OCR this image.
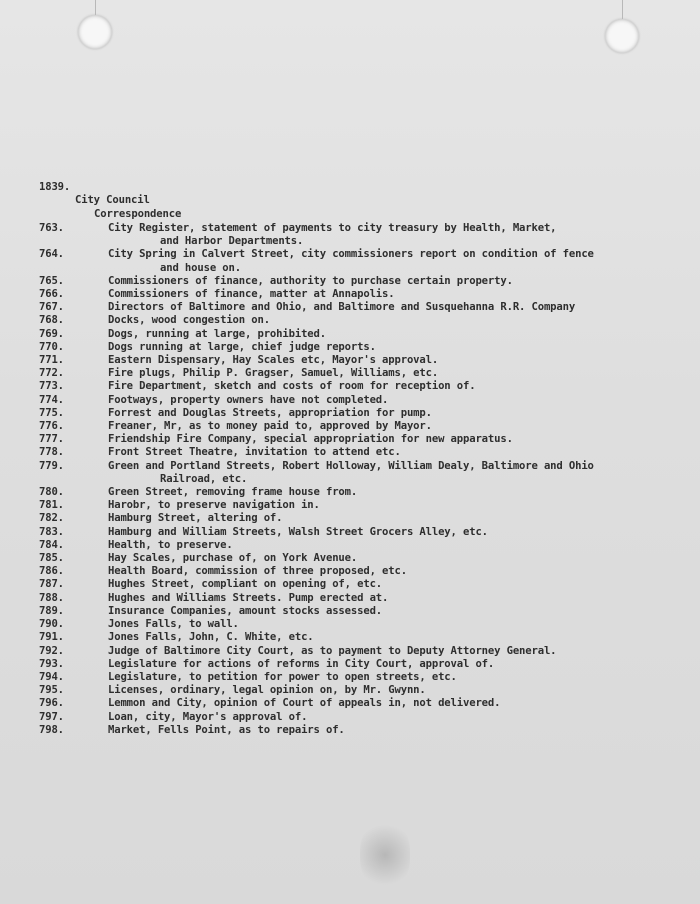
1839.
City Council
Correspondence
763.	City Register, statement of payments to city treasury by Health, Market,
and Harbor Departments.
764.	City Spring in Calvert Street, city commissioners report on condition of fence
and house on.
765.	Commissioners of finance, authority to purchase certain property.
766.	Commissioners of finance, matter at Annapolis.
767.	Directors of Baltimore and Ohio, and Baltimore and Susquehanna R.R. Company
768.	Docks, wood congestion on.
769.	Dogs, running at large, prohibited.
770.	Dogs running at large, chief judge reports.
771.	Eastern Dispensary, Hay Scales etc, Mayor's approval.
772.	Fire plugs, Philip P. Gragser, Samuel, Williams, etc.
773.	Fire Department, sketch and costs of room for reception of.
774.	Footways, property owners have not completed.
775.	Forrest and Douglas Streets, appropriation for pump.
776.	Freaner, Mr, as to money paid to, approved by Mayor.
777.	Friendship Fire Company, special appropriation for new apparatus.
778.	Front Street Theatre, invitation to attend etc.
779.	Green and Portland Streets, Robert Holloway, William Dealy, Baltimore and Ohio
Railroad, etc.
780.	Green Street, removing frame house from.
781.	Harobr, to preserve navigation in.
782.	Hamburg Street, altering of.
783.	Hamburg and William Streets, Walsh Street Grocers Alley, etc.
784.	Health, to preserve.
785.	Hay Scales, purchase of, on York Avenue.
786.	Health Board, commission of three proposed, etc.
787.	Hughes Street, compliant on opening of, etc.
788.	Hughes and Williams Streets. Pump erected at.
789.	Insurance Companies, amount stocks assessed.
790.	Jones Falls, to wall.
791.	Jones Falls, John, C. White, etc.
792.	Judge of Baltimore City Court, as to payment to Deputy Attorney General.
793.	Legislature for actions of reforms in City Court, approval of.
794.	Legislature, to petition for power to open streets, etc.
795.	Licenses, ordinary, legal opinion on, by Mr. Gwynn.
796.	Lemmon and City, opinion of Court of appeals in, not delivered.
797.	Loan, city, Mayor's approval of.
798.	Market, Fells Point, as to repairs of.
